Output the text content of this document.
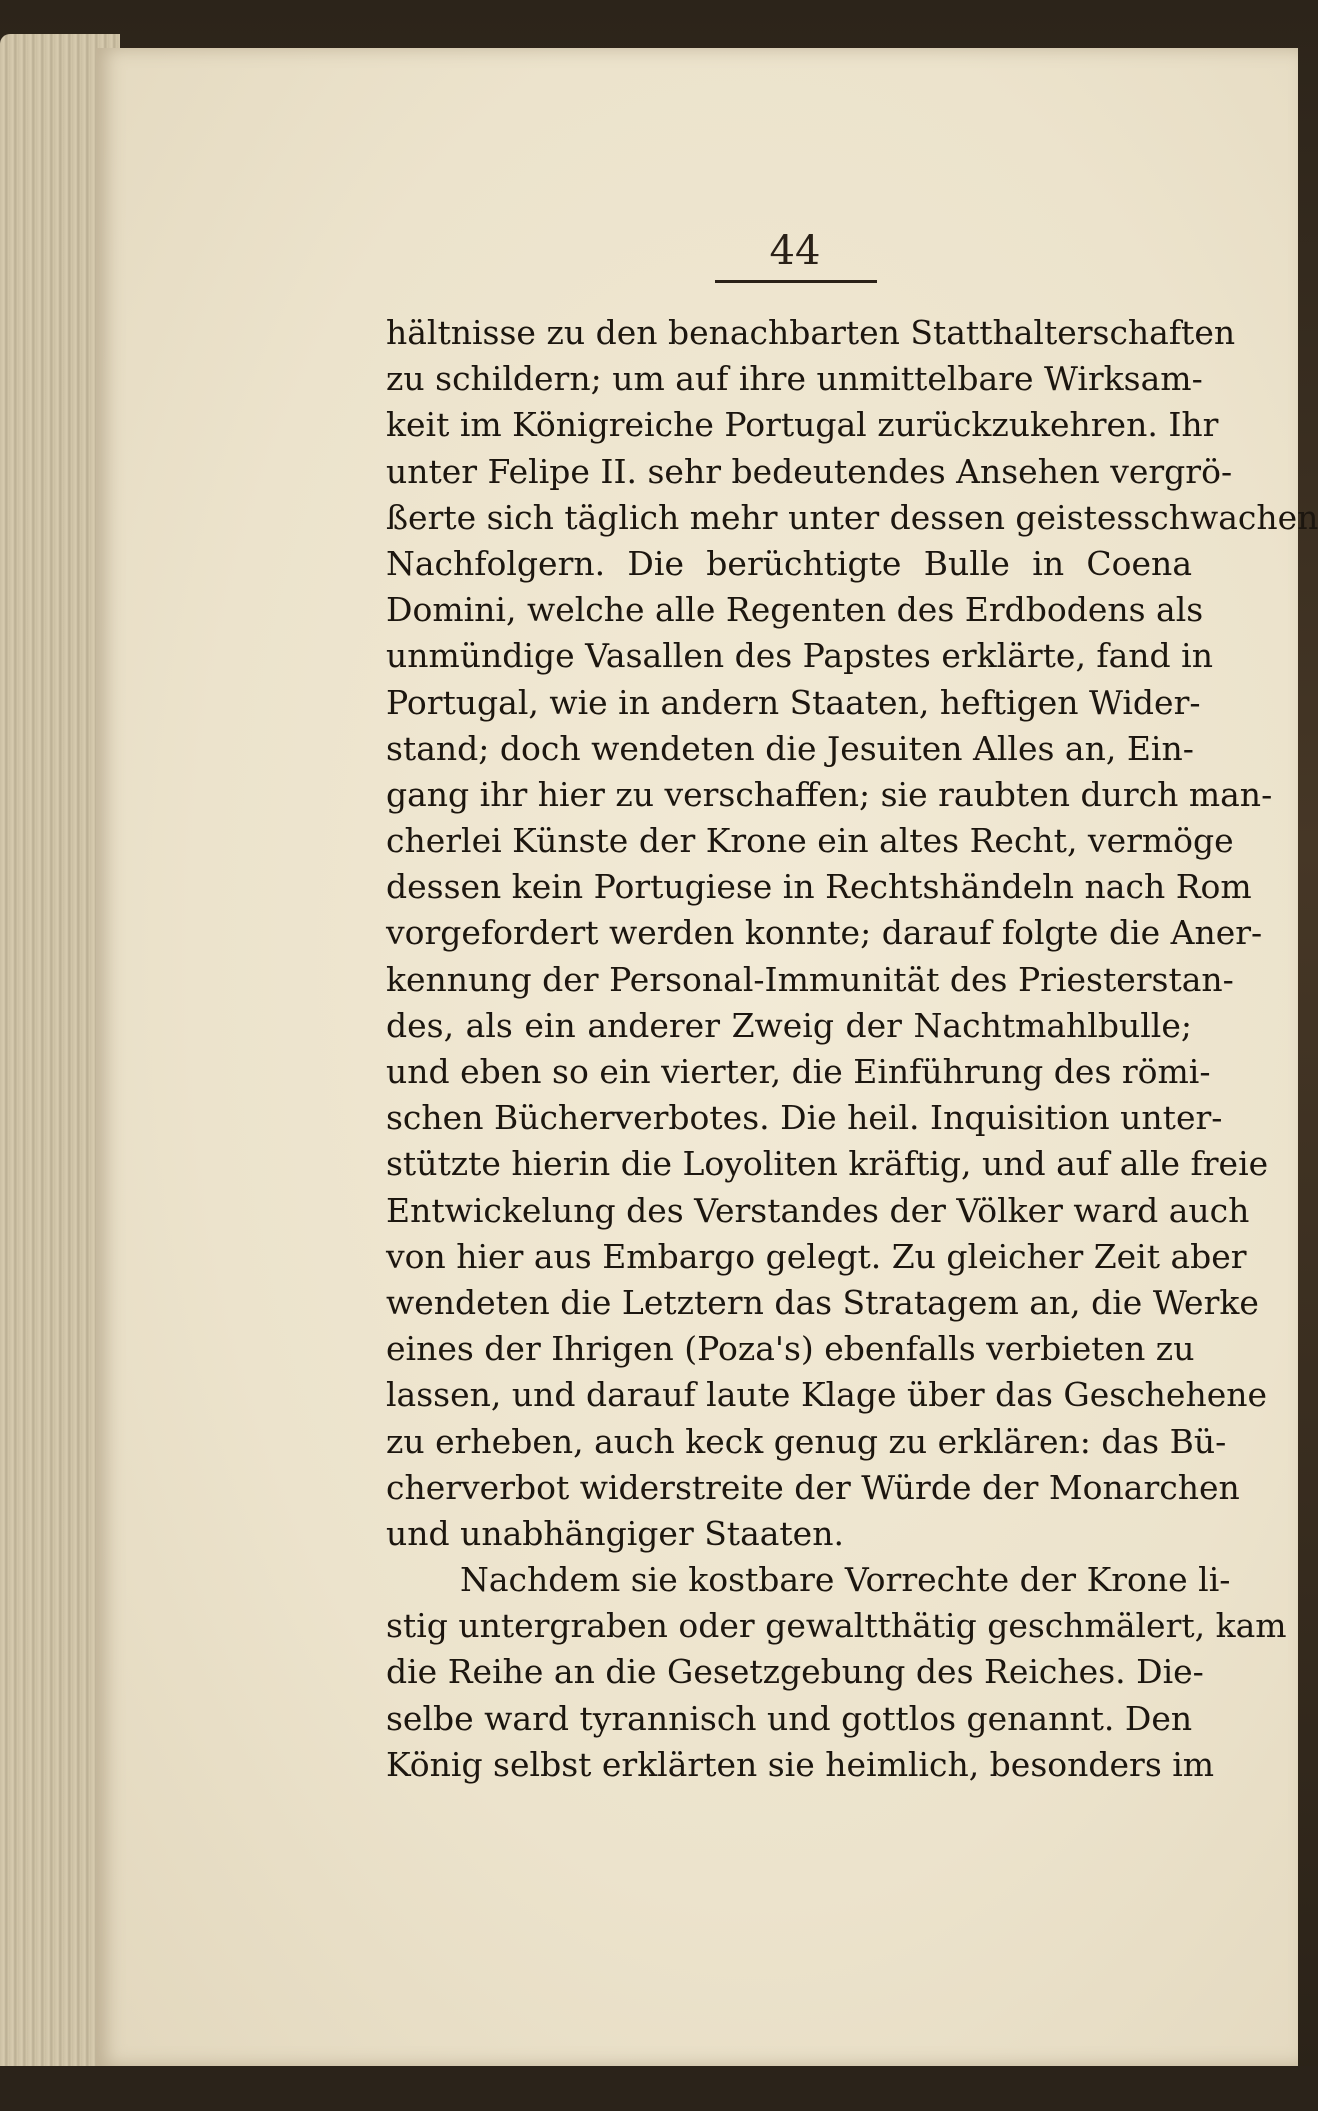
44
hältnisse zu den benachbarten Statthalterschaften
zu schildern; um auf ihre unmittelbare Wirksam-
keit im Königreiche Portugal zurückzukehren. Ihr
unter Felipe II. sehr bedeutendes Ansehen vergrö-
ßerte sich täglich mehr unter dessen geistesschwachen
Nachfolgern. Die berüchtigte Bulle in Coena
Domini, welche alle Regenten des Erdbodens als
unmündige Vasallen des Papstes erklärte, fand in
Portugal, wie in andern Staaten, heftigen Wider-
stand; doch wendeten die Jesuiten Alles an, Ein-
gang ihr hier zu verschaffen; sie raubten durch man-
cherlei Künste der Krone ein altes Recht, vermöge
dessen kein Portugiese in Rechtshändeln nach Rom
vorgefordert werden konnte; darauf folgte die Aner-
kennung der Personal-Immunität des Priesterstan-
des, als ein anderer Zweig der Nachtmahlbulle;
und eben so ein vierter, die Einführung des römi-
schen Bücherverbotes. Die heil. Inquisition unter-
stützte hierin die Loyoliten kräftig, und auf alle freie
Entwickelung des Verstandes der Völker ward auch
von hier aus Embargo gelegt. Zu gleicher Zeit aber
wendeten die Letztern das Stratagem an, die Werke
eines der Ihrigen (Poza's) ebenfalls verbieten zu
lassen, und darauf laute Klage über das Geschehene
zu erheben, auch keck genug zu erklären: das Bü-
cherverbot widerstreite der Würde der Monarchen
und unabhängiger Staaten.
Nachdem sie kostbare Vorrechte der Krone li-
stig untergraben oder gewaltthätig geschmälert, kam
die Reihe an die Gesetzgebung des Reiches. Die-
selbe ward tyrannisch und gottlos genannt. Den
König selbst erklärten sie heimlich, besonders im
